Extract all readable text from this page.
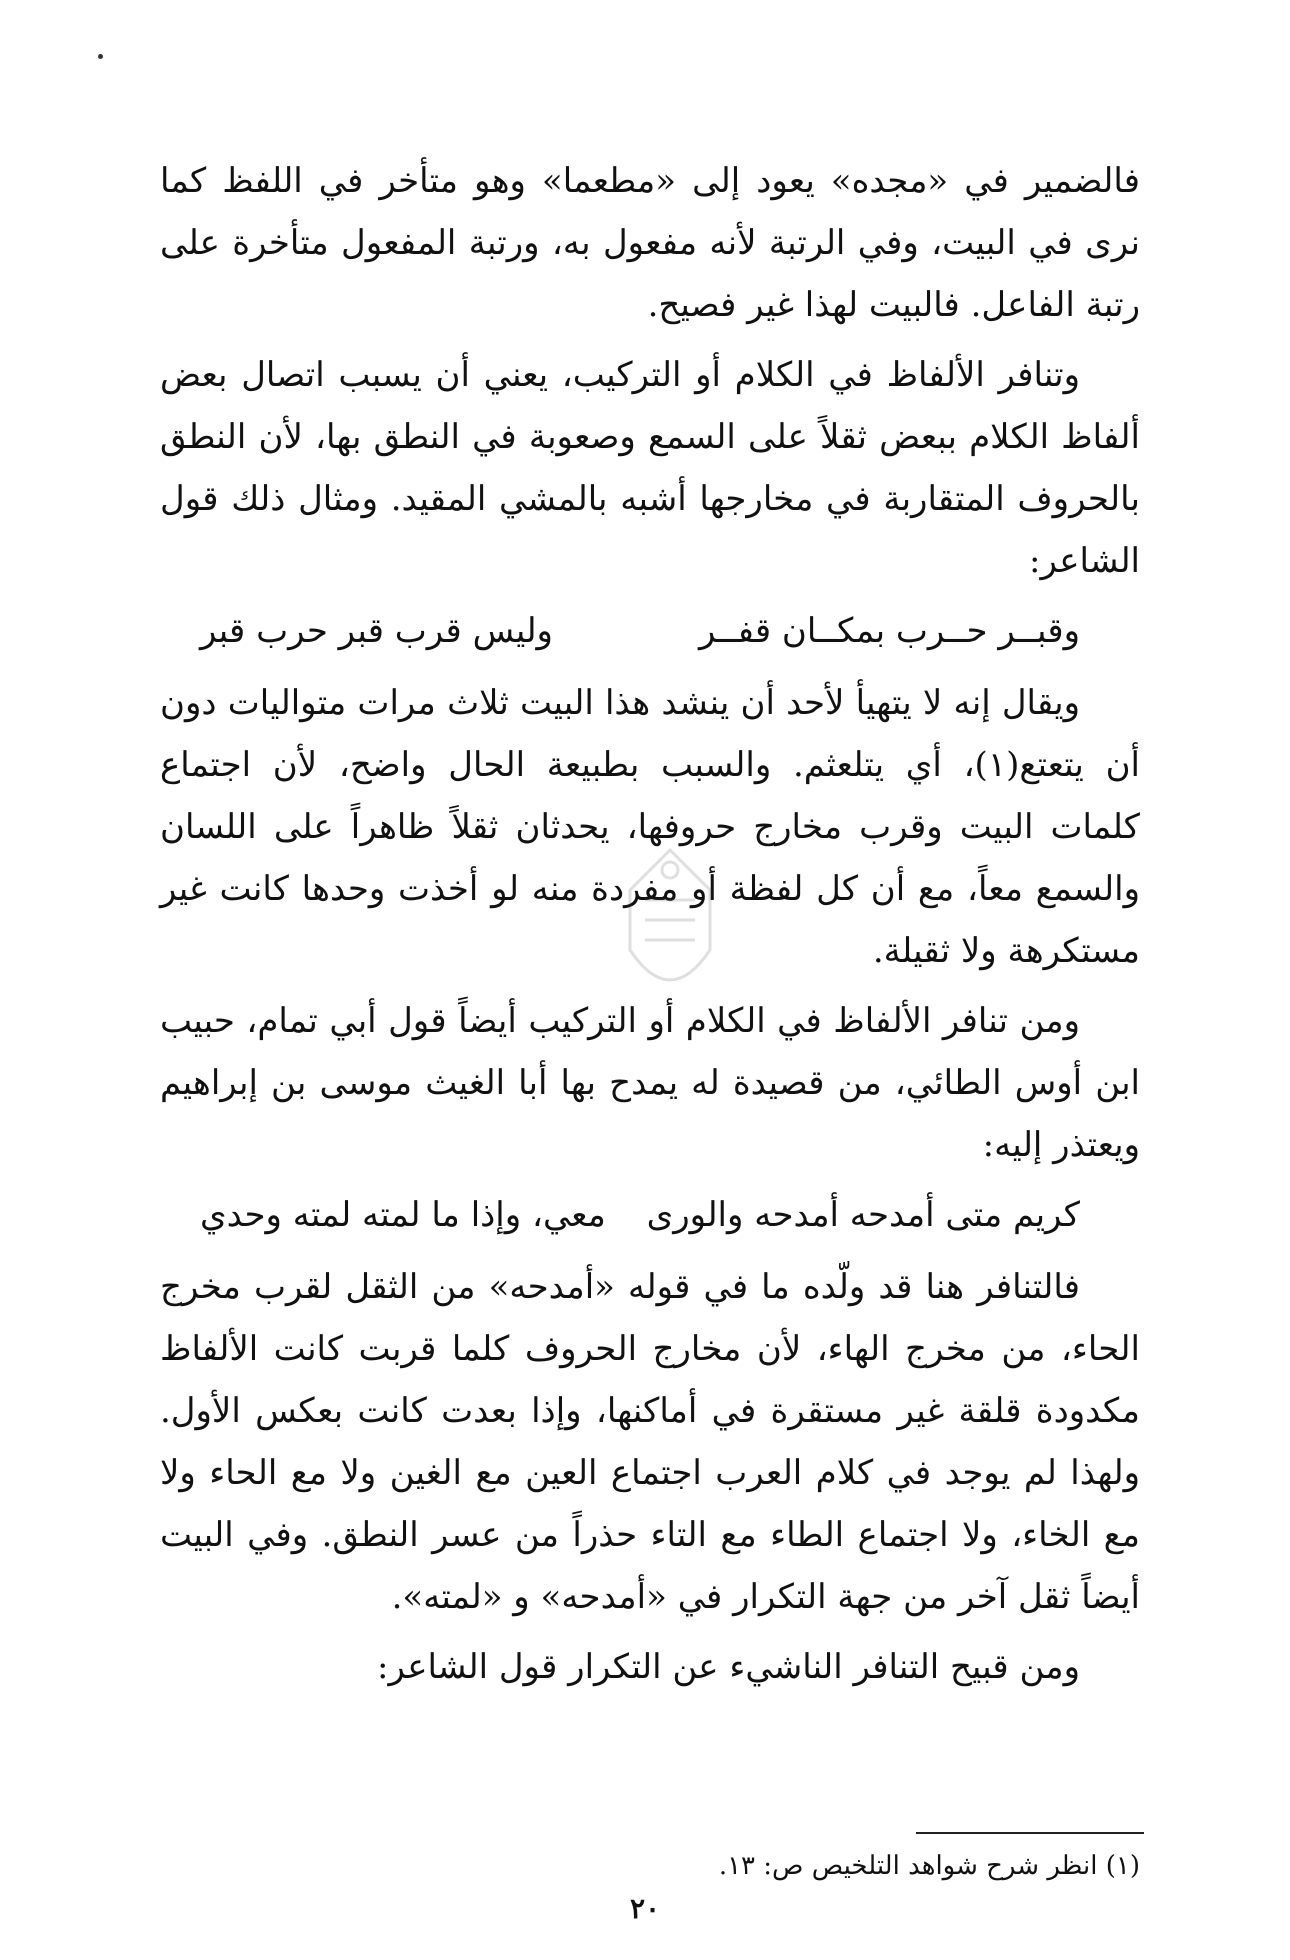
فالضمير في «مجده» يعود إلى «مطعما» وهو متأخر في اللفظ كما نرى في البيت، وفي الرتبة لأنه مفعول به، ورتبة المفعول متأخرة على رتبة الفاعل. فالبيت لهذا غير فصيح.

وتنافر الألفاظ في الكلام أو التركيب، يعني أن يسبب اتصال بعض ألفاظ الكلام ببعض ثقلاً على السمع وصعوبة في النطق بها، لأن النطق بالحروف المتقاربة في مخارجها أشبه بالمشي المقيد. ومثال ذلك قول الشاعر:

وقبــر حــرب بمكــان قفــر
وليس قرب قبر حرب قبر

ويقال إنه لا يتهيأ لأحد أن ينشد هذا البيت ثلاث مرات متواليات دون أن يتعتع(١)، أي يتلعثم. والسبب بطبيعة الحال واضح، لأن اجتماع كلمات البيت وقرب مخارج حروفها، يحدثان ثقلاً ظاهراً على اللسان والسمع معاً، مع أن كل لفظة أو مفردة منه لو أخذت وحدها كانت غير مستكرهة ولا ثقيلة.

ومن تنافر الألفاظ في الكلام أو التركيب أيضاً قول أبي تمام، حبيب ابن أوس الطائي، من قصيدة له يمدح بها أبا الغيث موسى بن إبراهيم ويعتذر إليه:

كريم متى أمدحه أمدحه والورى
معي، وإذا ما لمته لمته وحدي

فالتنافر هنا قد ولّده ما في قوله «أمدحه» من الثقل لقرب مخرج الحاء، من مخرج الهاء، لأن مخارج الحروف كلما قربت كانت الألفاظ مكدودة قلقة غير مستقرة في أماكنها، وإذا بعدت كانت بعكس الأول. ولهذا لم يوجد في كلام العرب اجتماع العين مع الغين ولا مع الحاء ولا مع الخاء، ولا اجتماع الطاء مع التاء حذراً من عسر النطق. وفي البيت أيضاً ثقل آخر من جهة التكرار في «أمدحه» و «لمته».

ومن قبيح التنافر الناشيء عن التكرار قول الشاعر:

(١) انظر شرح شواهد التلخيص ص: ١٣.
٢٠
